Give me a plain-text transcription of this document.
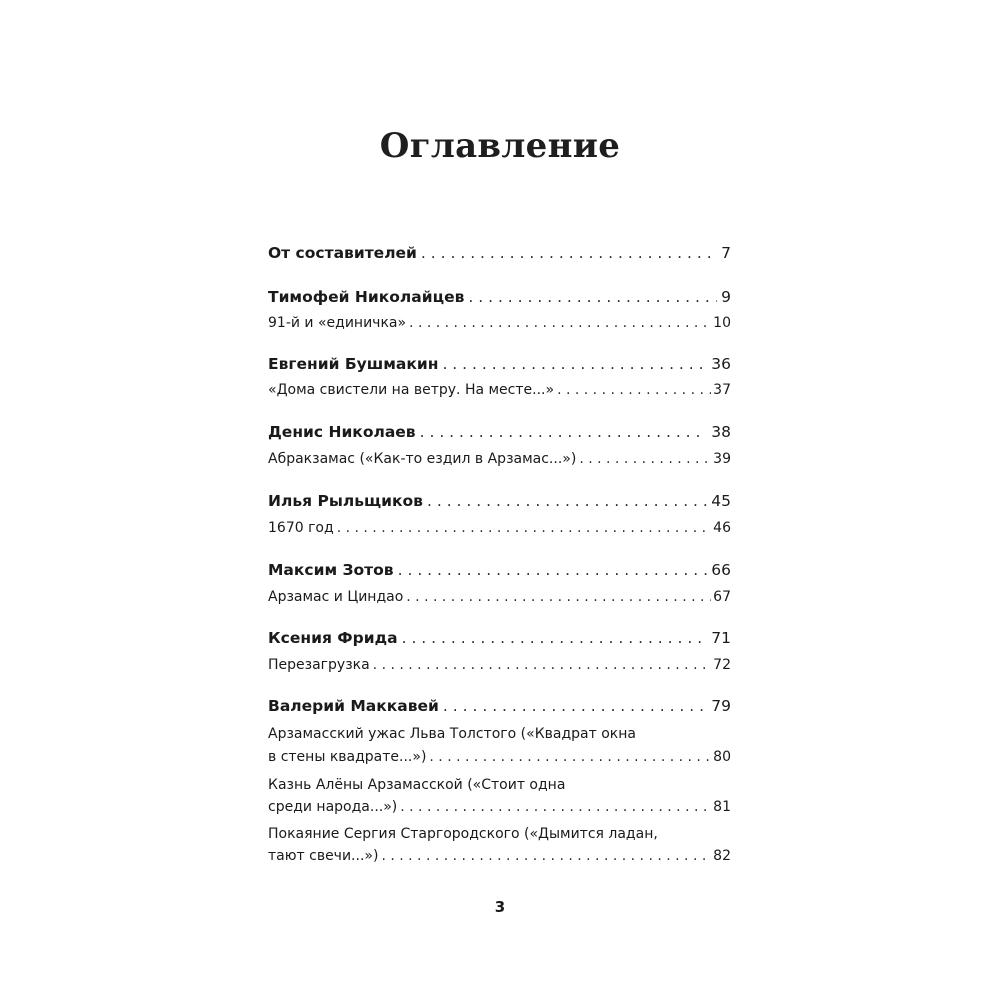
Оглавление
От составителей . . .	7
Тимофей Николайцев . . .	9
91-й и «единичка» . . .	10
Евгений Бушмакин . . .	36
«Дома свистели на ветру. На месте...» . . .	37
Денис Николаев . . .	38
Абракзамас («Как-то ездил в Арзамас...») . . .	39
Илья Рыльщиков . . .	45
1670 год . . .	46
Максим Зотов . . .	66
Арзамас и Циндао . . .	67
Ксения Фрида . . .	71
Перезагрузка . . .	72
Валерий Маккавей . . .	79
Арзамасский ужас Льва Толстого («Квадрат окна
в стены квадрате...») . . .	80
Казнь Алёны Арзамасской («Стоит одна
среди народа...») . . .	81
Покаяние Сергия Старгородского («Дымится ладан,
тают свечи...») . . .	82
3
